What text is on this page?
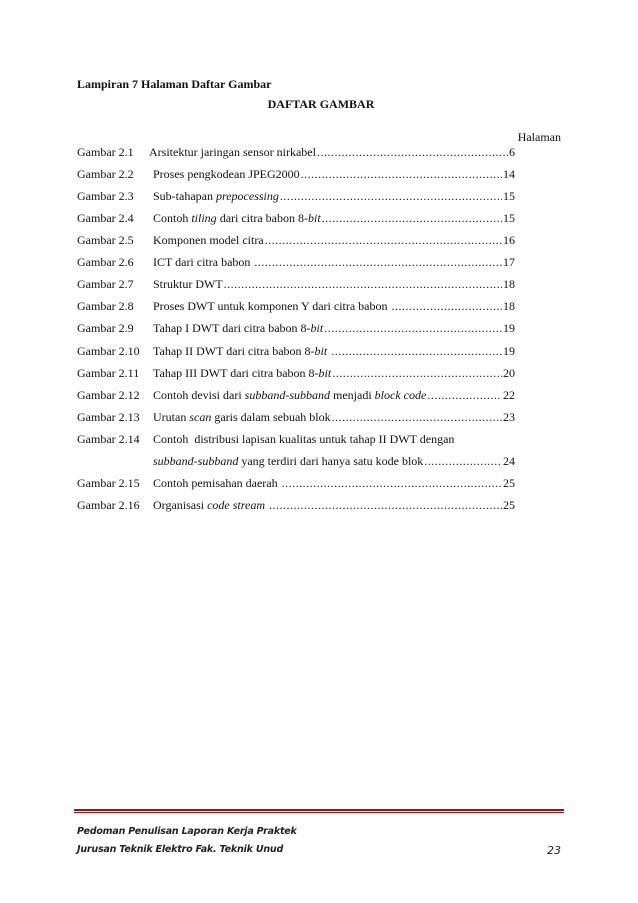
Lampiran 7 Halaman Daftar Gambar
DAFTAR GAMBAR
Halaman
Gambar 2.1 Arsitektur jaringan sensor nirkabel .....	6
Gambar 2.2 Proses pengkodean JPEG2000 .....	14
Gambar 2.3 Sub-tahapan prepocessing .....	15
Gambar 2.4 Contoh tiling dari citra babon 8-bit .....	15
Gambar 2.5 Komponen model citra .....	16
Gambar 2.6 ICT dari citra babon .....	17
Gambar 2.7 Struktur DWT .....	18
Gambar 2.8 Proses DWT untuk komponen Y dari citra babon .....	18
Gambar 2.9 Tahap I DWT dari citra babon 8-bit .....	19
Gambar 2.10 Tahap II DWT dari citra babon 8-bit .....	19
Gambar 2.11 Tahap III DWT dari citra babon 8-bit .....	20
Gambar 2.12 Contoh devisi dari subband-subband menjadi block code .....	22
Gambar 2.13 Urutan scan garis dalam sebuah blok .....	23
Gambar 2.14 Contoh  distribusi lapisan kualitas untuk tahap II DWT dengan
subband-subband yang terdiri dari hanya satu kode blok .....	24
Gambar 2.15 Contoh pemisahan daerah .....	25
Gambar 2.16 Organisasi code stream .....	25
Pedoman Penulisan Laporan Kerja Praktek
Jurusan Teknik Elektro Fak. Teknik Unud	23
